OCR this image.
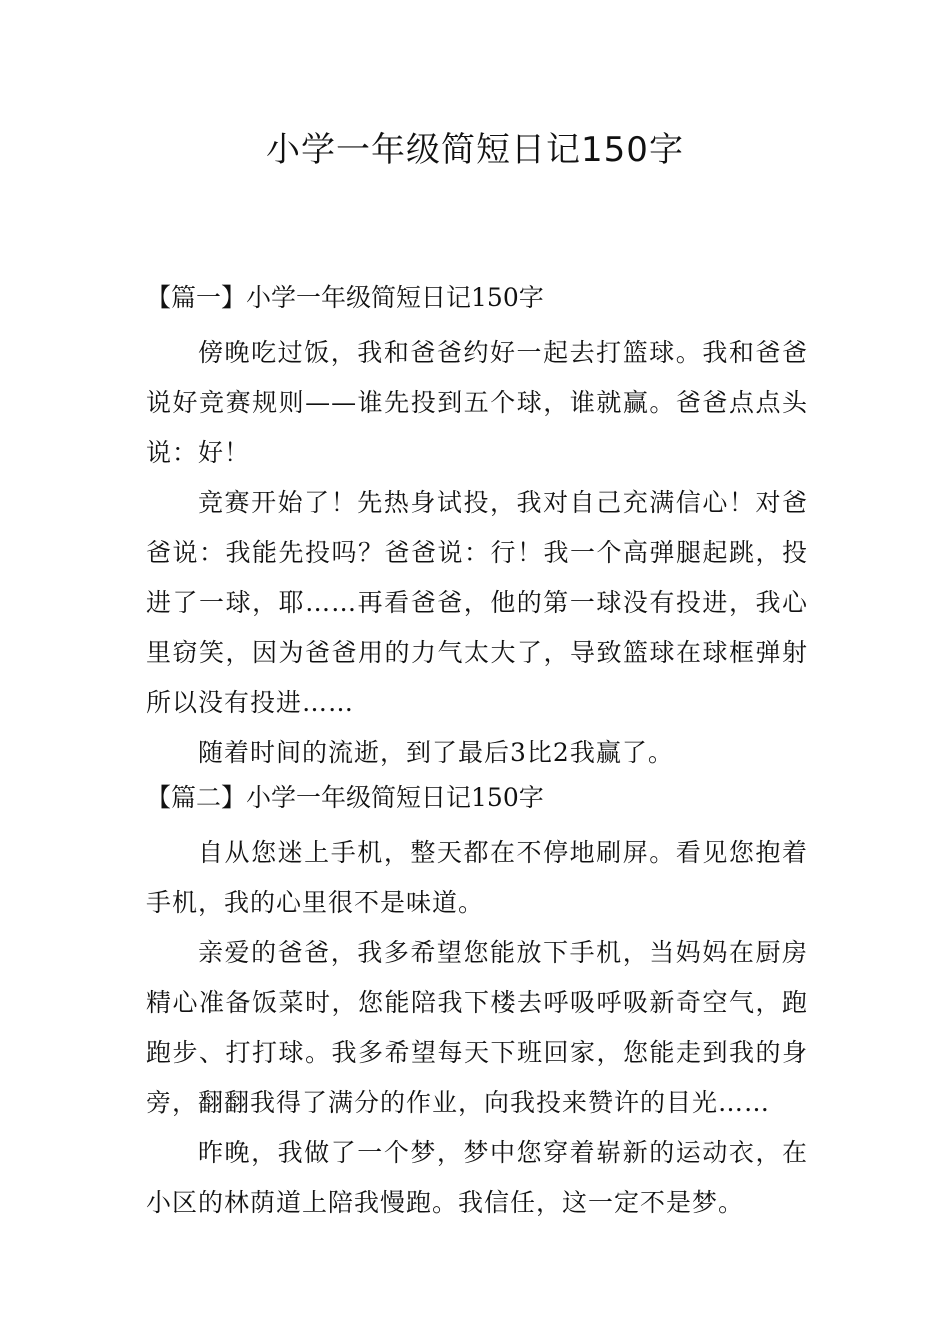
小学一年级简短日记150字
【篇一】小学一年级简短日记150字

傍晚吃过饭，我和爸爸约好一起去打篮球。我和爸爸说好竞赛规则——谁先投到五个球，谁就赢。爸爸点点头说：好！

竞赛开始了！先热身试投，我对自己充满信心！对爸爸说：我能先投吗？爸爸说：行！我一个高弹腿起跳，投进了一球，耶……再看爸爸，他的第一球没有投进，我心里窃笑，因为爸爸用的力气太大了，导致篮球在球框弹射所以没有投进……

随着时间的流逝，到了最后3比2我赢了。

【篇二】小学一年级简短日记150字

自从您迷上手机，整天都在不停地刷屏。看见您抱着手机，我的心里很不是味道。

亲爱的爸爸，我多希望您能放下手机，当妈妈在厨房精心准备饭菜时，您能陪我下楼去呼吸呼吸新奇空气，跑跑步、打打球。我多希望每天下班回家，您能走到我的身旁，翻翻我得了满分的作业，向我投来赞许的目光……

昨晚，我做了一个梦，梦中您穿着崭新的运动衣，在小区的林荫道上陪我慢跑。我信任，这一定不是梦。
